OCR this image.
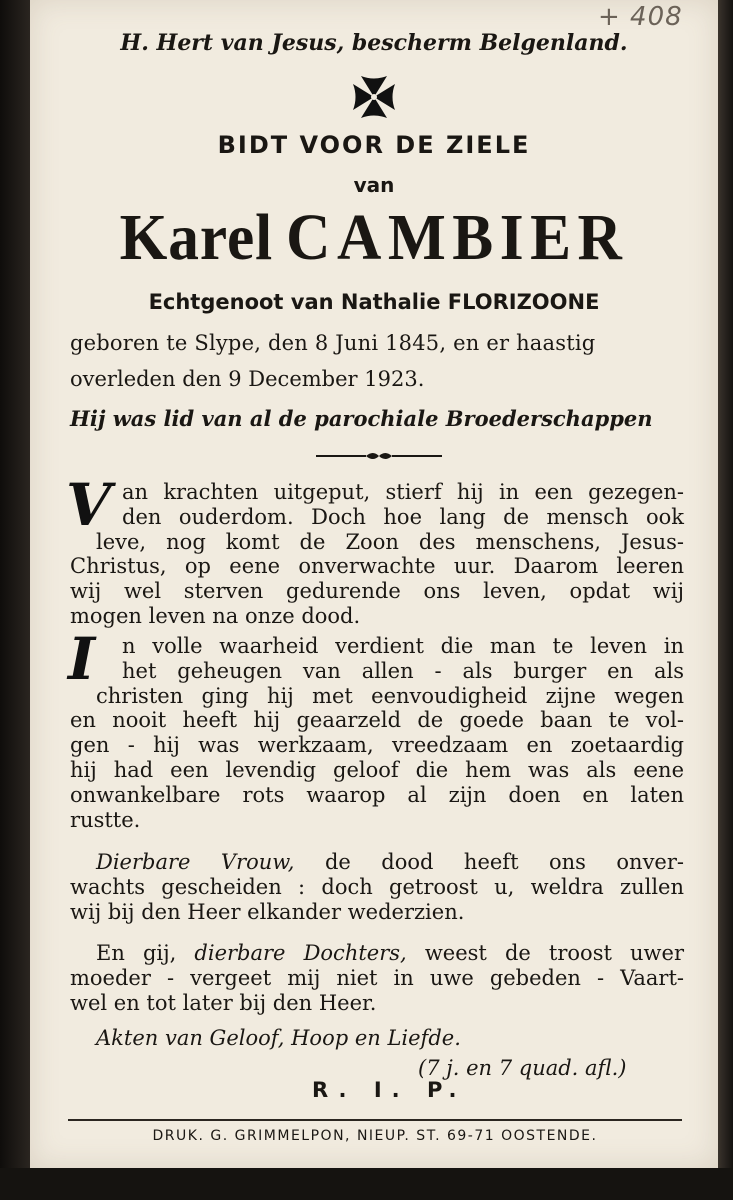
+ 408
H. Hert van Jesus, bescherm Belgenland.
BIDT VOOR DE ZIELE
van
Karel CAMBIER
Echtgenoot van Nathalie FLORIZOONE
geboren te Slype, den 8 Juni 1845, en er haastig
overleden den 9 December 1923.
Hij was lid van al de parochiale Broederschappen
V an krachten uitgeput, stierf hij in een gezegen-
den ouderdom. Doch hoe lang de mensch ook
leve, nog komt de Zoon des menschens, Jesus-
Christus, op eene onverwachte uur. Daarom leeren
wij wel sterven gedurende ons leven, opdat wij
mogen leven na onze dood.
I	n volle waarheid verdient die man te leven in
het geheugen van allen - als burger en als
christen ging hij met eenvoudigheid zijne wegen
en nooit heeft hij geaarzeld de goede baan te vol-
gen - hij was werkzaam, vreedzaam en zoetaardig
hij had een levendig geloof die hem was als eene
onwankelbare rots waarop al zijn doen en laten
rustte.
Dierbare Vrouw, de dood heeft ons onver-
wachts gescheiden : doch getroost u, weldra zullen
wij bij den Heer elkander wederzien.
En gij, dierbare Dochters, weest de troost uwer
moeder - vergeet mij niet in uwe gebeden - Vaart-
wel en tot later bij den Heer.
Akten van Geloof, Hoop en Liefde.
(7 j. en 7 quad. afl.)
R. I. P.
DRUK. G. GRIMMELPON, NIEUP. ST. 69-71 OOSTENDE.
